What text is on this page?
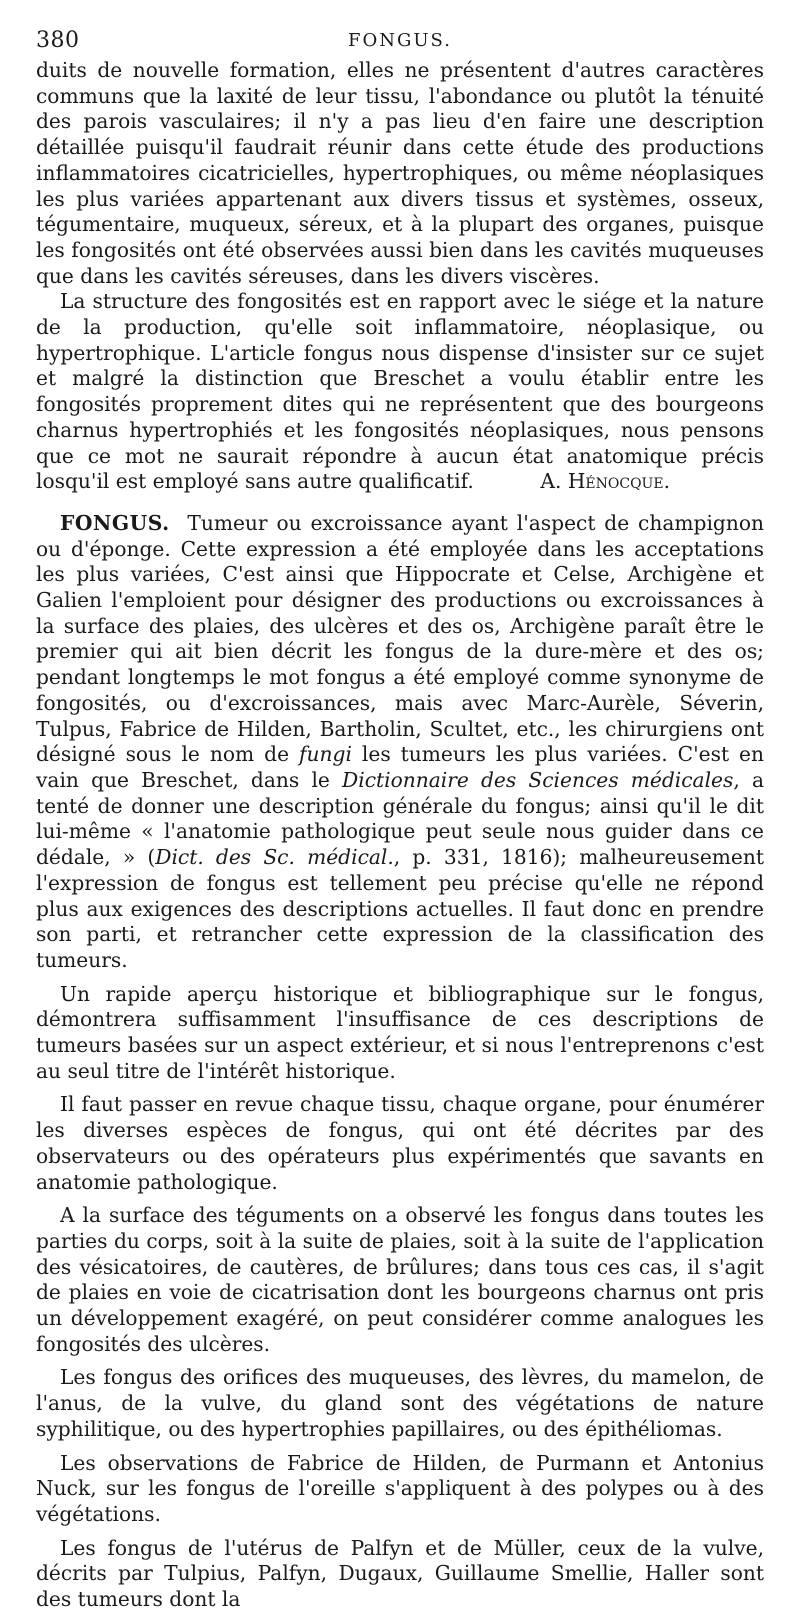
380	FONGUS.

duits de nouvelle formation, elles ne présentent d'autres caractères communs que la laxité de leur tissu, l'abondance ou plutôt la ténuité des parois vasculaires; il n'y a pas lieu d'en faire une description détaillée puisqu'il faudrait réunir dans cette étude des productions inflammatoires cicatricielles, hypertrophiques, ou même néoplasiques les plus variées appartenant aux divers tissus et systèmes, osseux, tégumentaire, muqueux, séreux, et à la plupart des organes, puisque les fongosités ont été observées aussi bien dans les cavités muqueuses que dans les cavités séreuses, dans les divers viscères.

La structure des fongosités est en rapport avec le siége et la nature de la production, qu'elle soit inflammatoire, néoplasique, ou hypertrophique. L'article fongus nous dispense d'insister sur ce sujet et malgré la distinction que Breschet a voulu établir entre les fongosités proprement dites qui ne représentent que des bourgeons charnus hypertrophiés et les fongosités néoplasiques, nous pensons que ce mot ne saurait répondre à aucun état anatomique précis losqu'il est employé sans autre qualificatif.	A. Hénocque.

FONGUS. Tumeur ou excroissance ayant l'aspect de champignon ou d'éponge. Cette expression a été employée dans les acceptations les plus variées, C'est ainsi que Hippocrate et Celse, Archigène et Galien l'emploient pour désigner des productions ou excroissances à la surface des plaies, des ulcères et des os, Archigène paraît être le premier qui ait bien décrit les fongus de la dure-mère et des os; pendant longtemps le mot fongus a été employé comme synonyme de fongosités, ou d'excroissances, mais avec Marc-Aurèle, Séverin, Tulpus, Fabrice de Hilden, Bartholin, Scultet, etc., les chirurgiens ont désigné sous le nom de fungi les tumeurs les plus variées. C'est en vain que Breschet, dans le Dictionnaire des Sciences médicales, a tenté de donner une description générale du fongus; ainsi qu'il le dit lui-même « l'anatomie pathologique peut seule nous guider dans ce dédale, » (Dict. des Sc. médical., p. 331, 1816); malheureusement l'expression de fongus est tellement peu précise qu'elle ne répond plus aux exigences des descriptions actuelles. Il faut donc en prendre son parti, et retrancher cette expression de la classification des tumeurs.

Un rapide aperçu historique et bibliographique sur le fongus, démontrera suffisamment l'insuffisance de ces descriptions de tumeurs basées sur un aspect extérieur, et si nous l'entreprenons c'est au seul titre de l'intérêt historique.

Il faut passer en revue chaque tissu, chaque organe, pour énumérer les diverses espèces de fongus, qui ont été décrites par des observateurs ou des opérateurs plus expérimentés que savants en anatomie pathologique.

A la surface des téguments on a observé les fongus dans toutes les parties du corps, soit à la suite de plaies, soit à la suite de l'application des vésicatoires, de cautères, de brûlures; dans tous ces cas, il s'agit de plaies en voie de cicatrisation dont les bourgeons charnus ont pris un développement exagéré, on peut considérer comme analogues les fongosités des ulcères.

Les fongus des orifices des muqueuses, des lèvres, du mamelon, de l'anus, de la vulve, du gland sont des végétations de nature syphilitique, ou des hypertrophies papillaires, ou des épithéliomas.

Les observations de Fabrice de Hilden, de Purmann et Antonius Nuck, sur les fongus de l'oreille s'appliquent à des polypes ou à des végétations.

Les fongus de l'utérus de Palfyn et de Müller, ceux de la vulve, décrits par Tulpius, Palfyn, Dugaux, Guillaume Smellie, Haller sont des tumeurs dont la
